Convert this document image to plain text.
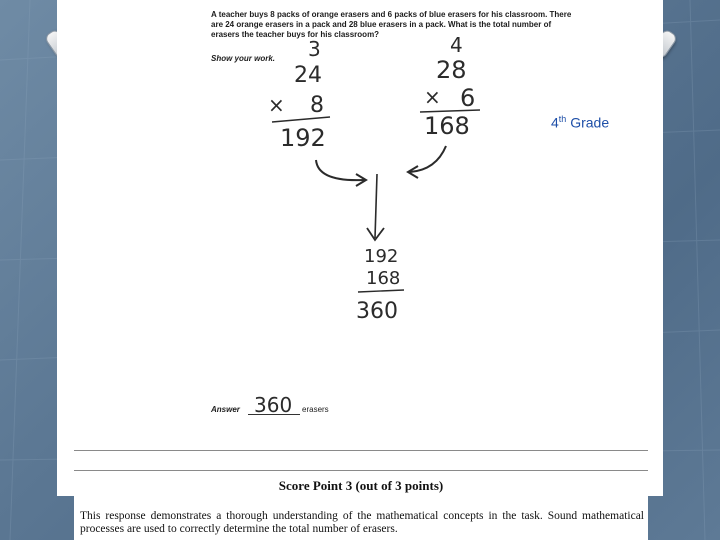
A teacher buys 8 packs of orange erasers and 6 packs of blue erasers for his classroom. There are 24 orange erasers in a pack and 28 blue erasers in a pack. What is the total number of erasers the teacher buys for his classroom?
Show your work. 3
24
× 8
192
4
28
× 6
168
192
168
360
360
Answer	erasers
4th Grade
Score Point 3 (out of 3 points)
This response demonstrates a thorough understanding of the mathematical concepts in the task. Sound mathematical processes are used to correctly determine the total number of erasers.
